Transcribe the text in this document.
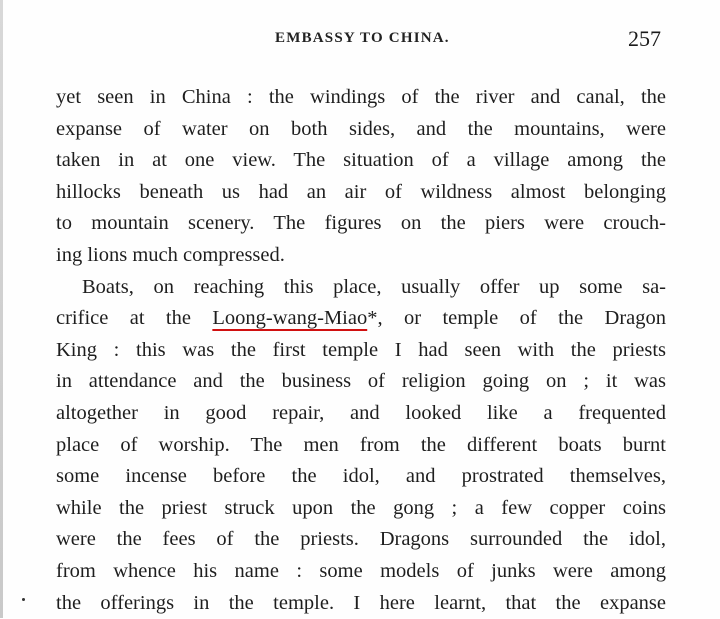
EMBASSY TO CHINA.	257
yet seen in China : the windings of the river and canal, the
expanse of water on both sides, and the mountains, were
taken in at one view. The situation of a village among the
hillocks beneath us had an air of wildness almost belonging
to mountain scenery. The figures on the piers were crouch-
ing lions much compressed.
Boats, on reaching this place, usually offer up some sa-
crifice at the Loong-wang-Miao*, or temple of the Dragon
King : this was the first temple I had seen with the priests
in attendance and the business of religion going on ; it was
altogether in good repair, and looked like a frequented
place of worship. The men from the different boats burnt
some incense before the idol, and prostrated themselves,
while the priest struck upon the gong ; a few copper coins
were the fees of the priests. Dragons surrounded the idol,
from whence his name : some models of junks were among
the offerings in the temple. I here learnt, that the expanse
